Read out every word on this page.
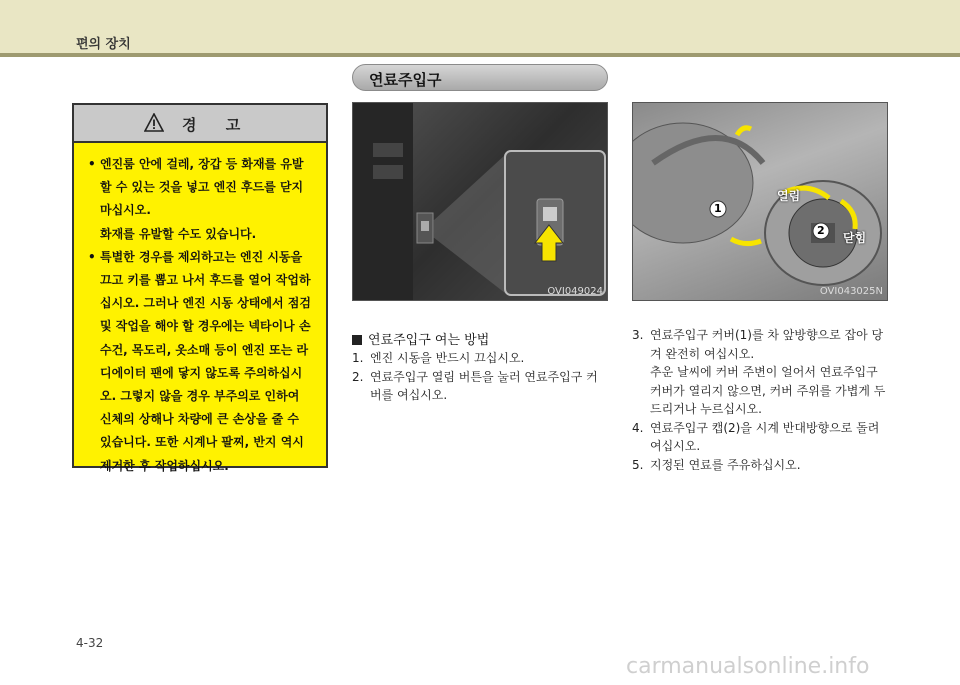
편의 장치
연료주입구
경 고
• 엔진룸 안에 걸레, 장갑 등 화재를 유발
할 수 있는 것을 넣고 엔진 후드를 닫지
마십시오.
화재를 유발할 수도 있습니다.
• 특별한 경우를 제외하고는 엔진 시동을
끄고 키를 뽑고 나서 후드를 열어 작업하
십시오. 그러나 엔진 시동 상태에서 점검
및 작업을 해야 할 경우에는 넥타이나 손
수건, 목도리, 옷소매 등이 엔진 또는 라
디에이터 팬에 닿지 않도록 주의하십시
오. 그렇지 않을 경우 부주의로 인하여
신체의 상해나 차량에 큰 손상을 줄 수
있습니다. 또한 시계나 팔찌, 반지 역시
제거한 후 작업하십시오.
OVI049024
1
2
열림
닫힘
OVI043025N
연료주입구 여는 방법
1. 엔진 시동을 반드시 끄십시오.
2. 연료주입구 열림 버튼을 눌러 연료주입구 커
버를 여십시오.
3. 연료주입구 커버(1)를 차 앞방향으로 잡아 당
겨 완전히 여십시오.
추운 날씨에 커버 주변이 얼어서 연료주입구
커버가 열리지 않으면, 커버 주위를 가볍게 두
드리거나 누르십시오.
4. 연료주입구 캡(2)을 시계 반대방향으로 돌려
여십시오.
5. 지정된 연료를 주유하십시오.
4-32
carmanualsonline.info
